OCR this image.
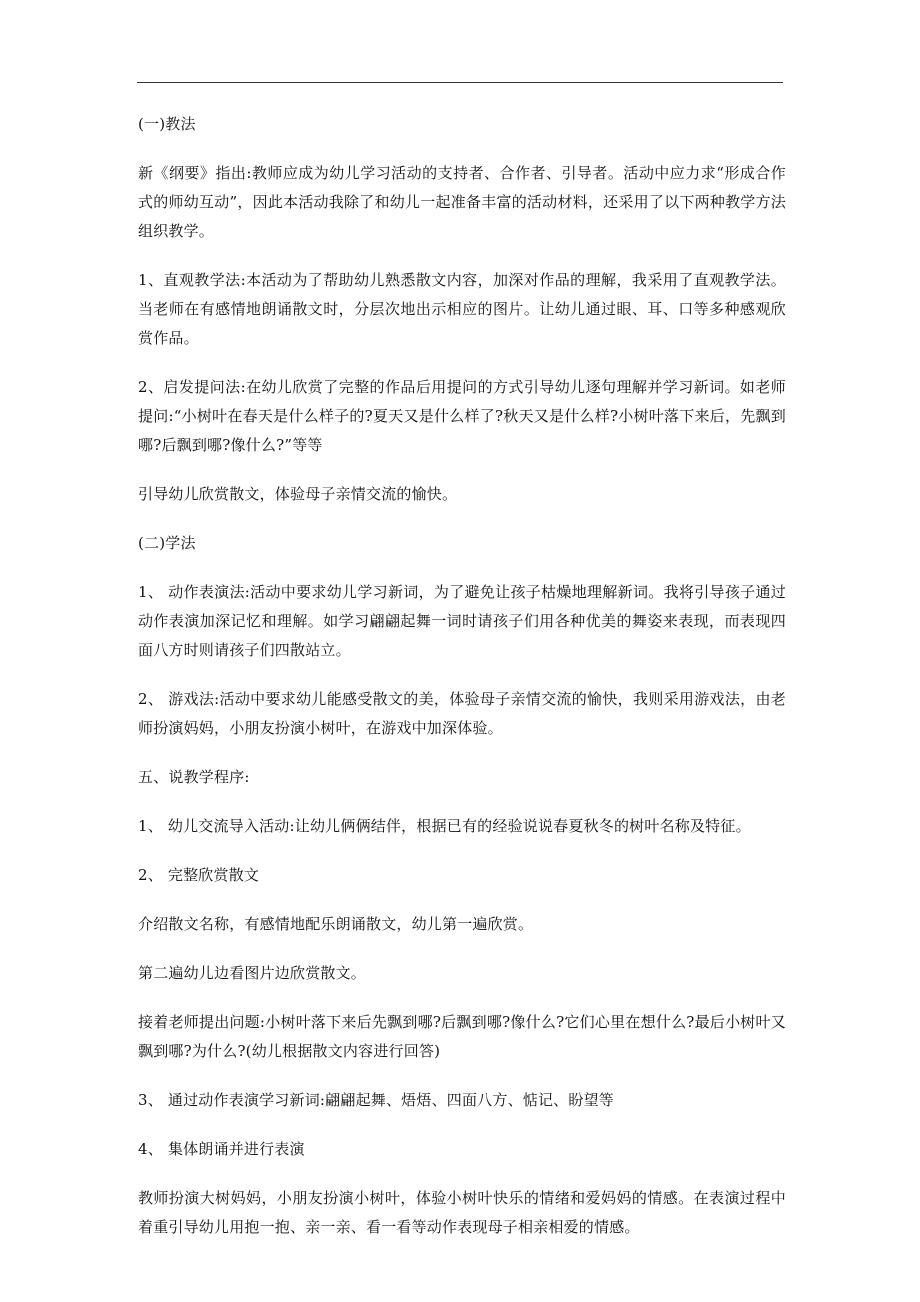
(一)教法

新《纲要》指出:教师应成为幼儿学习活动的支持者、合作者、引导者。活动中应力求“形成合作式的师幼互动”，因此本活动我除了和幼儿一起准备丰富的活动材料，还采用了以下两种教学方法组织教学。

1、直观教学法:本活动为了帮助幼儿熟悉散文内容，加深对作品的理解，我采用了直观教学法。当老师在有感情地朗诵散文时，分层次地出示相应的图片。让幼儿通过眼、耳、口等多种感观欣赏作品。

2、启发提问法:在幼儿欣赏了完整的作品后用提问的方式引导幼儿逐句理解并学习新词。如老师提问:“小树叶在春天是什么样子的?夏天又是什么样了?秋天又是什么样?小树叶落下来后，先飘到哪?后飘到哪?像什么?”等等

引导幼儿欣赏散文，体验母子亲情交流的愉快。

(二)学法

1、 动作表演法:活动中要求幼儿学习新词，为了避免让孩子枯燥地理解新词。我将引导孩子通过动作表演加深记忆和理解。如学习翩翩起舞一词时请孩子们用各种优美的舞姿来表现，而表现四面八方时则请孩子们四散站立。

2、 游戏法:活动中要求幼儿能感受散文的美，体验母子亲情交流的愉快，我则采用游戏法，由老师扮演妈妈，小朋友扮演小树叶，在游戏中加深体验。

五、说教学程序:

1、 幼儿交流导入活动:让幼儿俩俩结伴，根据已有的经验说说春夏秋冬的树叶名称及特征。

2、 完整欣赏散文

介绍散文名称，有感情地配乐朗诵散文，幼儿第一遍欣赏。

第二遍幼儿边看图片边欣赏散文。

接着老师提出问题:小树叶落下来后先飘到哪?后飘到哪?像什么?它们心里在想什么?最后小树叶又飘到哪?为什么?(幼儿根据散文内容进行回答)

3、 通过动作表演学习新词:翩翩起舞、焐焐、四面八方、惦记、盼望等

4、 集体朗诵并进行表演

教师扮演大树妈妈，小朋友扮演小树叶，体验小树叶快乐的情绪和爱妈妈的情感。在表演过程中着重引导幼儿用抱一抱、亲一亲、看一看等动作表现母子相亲相爱的情感。
